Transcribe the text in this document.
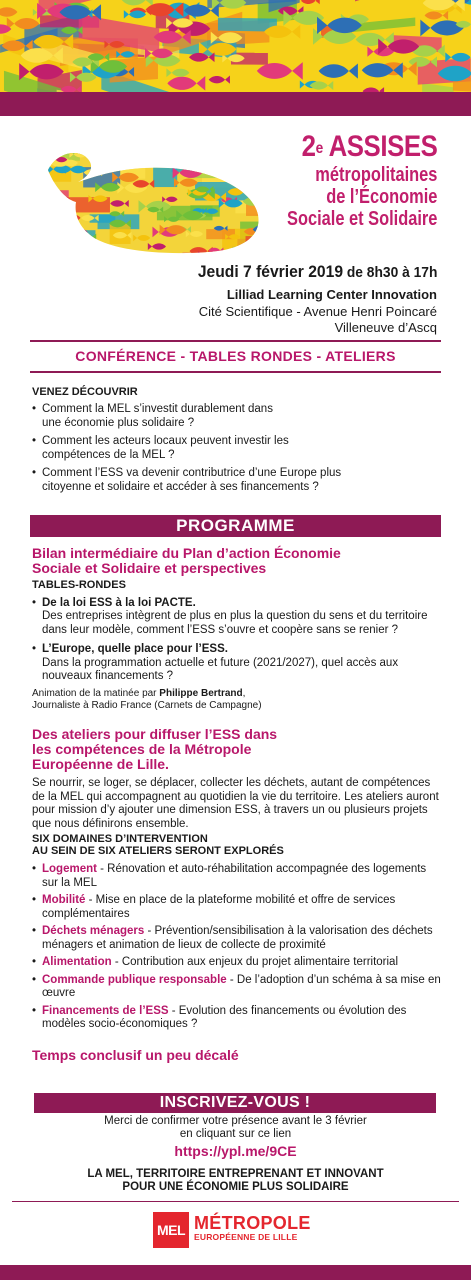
2e ASSISES
métropolitaines
de l’Économie
Sociale et Solidaire
Jeudi 7 février 2019 de 8h30 à 17h
Lilliad Learning Center Innovation
Cité Scientifique - Avenue Henri Poincaré
Villeneuve d’Ascq
CONFÉRENCE - TABLES RONDES - ATELIERS
VENEZ DÉCOUVRIR
• Comment la MEL s’investit durablement dans une économie plus solidaire ?
• Comment les acteurs locaux peuvent investir les compétences de la MEL ?
• Comment l’ESS va devenir contributrice d’une Europe plus citoyenne et solidaire et accéder à ses financements ?
PROGRAMME
Bilan intermédiaire du Plan d’action Économie Sociale et Solidaire et perspectives
TABLES-RONDES
• De la loi ESS à la loi PACTE.
Des entreprises intègrent de plus en plus la question du sens et du territoire dans leur modèle, comment l’ESS s’ouvre et coopère sans se renier ?
• L’Europe, quelle place pour l’ESS.
Dans la programmation actuelle et future (2021/2027), quel accès aux nouveaux financements ?
Animation de la matinée par Philippe Bertrand,
Journaliste à Radio France (Carnets de Campagne)
Des ateliers pour diffuser l’ESS dans les compétences de la Métropole Européenne de Lille.
Se nourrir, se loger, se déplacer, collecter les déchets, autant de compétences de la MEL qui accompagnent au quotidien la vie du territoire. Les ateliers auront pour mission d’y ajouter une dimension ESS, à travers un ou plusieurs projets que nous définirons ensemble.
SIX DOMAINES D’INTERVENTION
AU SEIN DE SIX ATELIERS SERONT EXPLORÉS
• Logement - Rénovation et auto-réhabilitation accompagnée des logements sur la MEL
• Mobilité - Mise en place de la plateforme mobilité et offre de services complémentaires
• Déchets ménagers - Prévention/sensibilisation à la valorisation des déchets ménagers et animation de lieux de collecte de proximité
• Alimentation - Contribution aux enjeux du projet alimentaire territorial
• Commande publique responsable - De l’adoption d’un schéma à sa mise en œuvre
• Financements de l’ESS - Evolution des financements ou évolution des modèles socio-économiques ?
Temps conclusif un peu décalé
INSCRIVEZ-VOUS !
Merci de confirmer votre présence avant le 3 février
en cliquant sur ce lien
https://ypl.me/9CE
LA MEL, TERRITOIRE ENTREPRENANT ET INNOVANT
POUR UNE ÉCONOMIE PLUS SOLIDAIRE
MEL MÉTROPOLE
EUROPÉENNE DE LILLE
